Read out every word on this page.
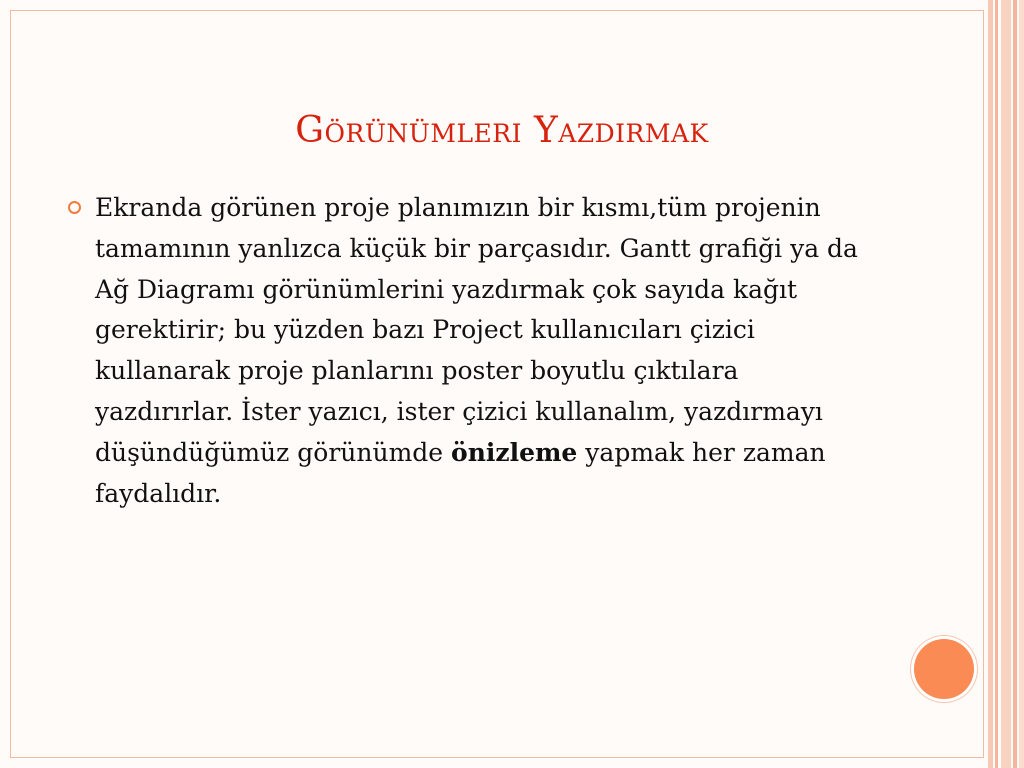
Görünümleri Yazdırmak
Ekranda görünen proje planımızın bir kısmı,tüm projenin tamamının yanlızca küçük bir parçasıdır. Gantt grafiği ya da Ağ Diagramı görünümlerini yazdırmak çok sayıda kağıt gerektirir; bu yüzden bazı Project kullanıcıları çizici kullanarak proje planlarını poster boyutlu çıktılara yazdırırlar. İster yazıcı, ister çizici kullanalım, yazdırmayı düşündüğümüz görünümde önizleme yapmak her zaman faydalıdır.
